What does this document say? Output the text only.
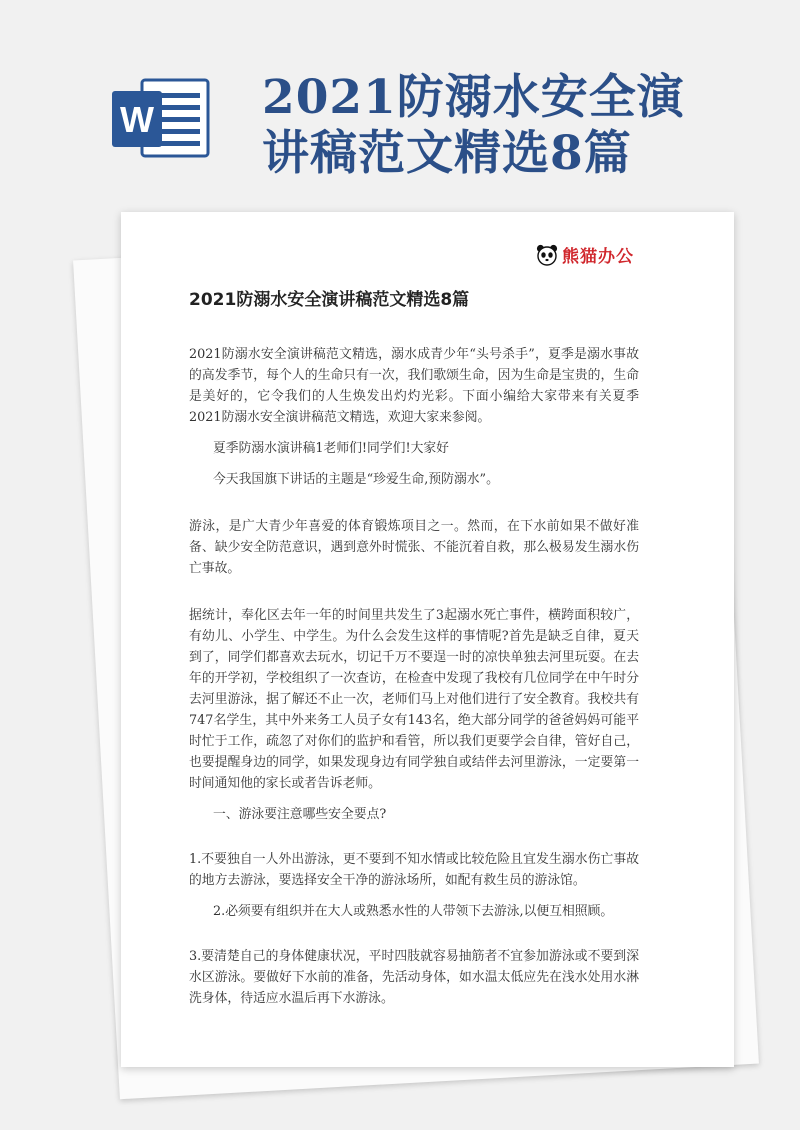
W 2021防溺水安全演
讲稿范文精选8篇
熊猫办公
2021防溺水安全演讲稿范文精选8篇

2021防溺水安全演讲稿范文精选，溺水成青少年“头号杀手”，夏季是溺水事故的高发季节，每个人的生命只有一次，我们歌颂生命，因为生命是宝贵的，生命是美好的，它令我们的人生焕发出灼灼光彩。下面小编给大家带来有关夏季2021防溺水安全演讲稿范文精选，欢迎大家来参阅。

夏季防溺水演讲稿1老师们!同学们!大家好

今天我国旗下讲话的主题是“珍爱生命,预防溺水”。

游泳，是广大青少年喜爱的体育锻炼项目之一。然而，在下水前如果不做好准备、缺少安全防范意识，遇到意外时慌张、不能沉着自救，那么极易发生溺水伤亡事故。

据统计，奉化区去年一年的时间里共发生了3起溺水死亡事件，横跨面积较广，有幼儿、小学生、中学生。为什么会发生这样的事情呢?首先是缺乏自律，夏天到了，同学们都喜欢去玩水，切记千万不要逞一时的凉快单独去河里玩耍。在去年的开学初，学校组织了一次查访，在检查中发现了我校有几位同学在中午时分去河里游泳，据了解还不止一次，老师们马上对他们进行了安全教育。我校共有747名学生，其中外来务工人员子女有143名，绝大部分同学的爸爸妈妈可能平时忙于工作，疏忽了对你们的监护和看管，所以我们更要学会自律，管好自己，也要提醒身边的同学，如果发现身边有同学独自或结伴去河里游泳，一定要第一时间通知他的家长或者告诉老师。

一、游泳要注意哪些安全要点?

1.不要独自一人外出游泳，更不要到不知水情或比较危险且宜发生溺水伤亡事故的地方去游泳，要选择安全干净的游泳场所，如配有救生员的游泳馆。

2.必须要有组织并在大人或熟悉水性的人带领下去游泳,以便互相照顾。

3.要清楚自己的身体健康状况，平时四肢就容易抽筋者不宜参加游泳或不要到深水区游泳。要做好下水前的准备，先活动身体，如水温太低应先在浅水处用水淋洗身体，待适应水温后再下水游泳。
